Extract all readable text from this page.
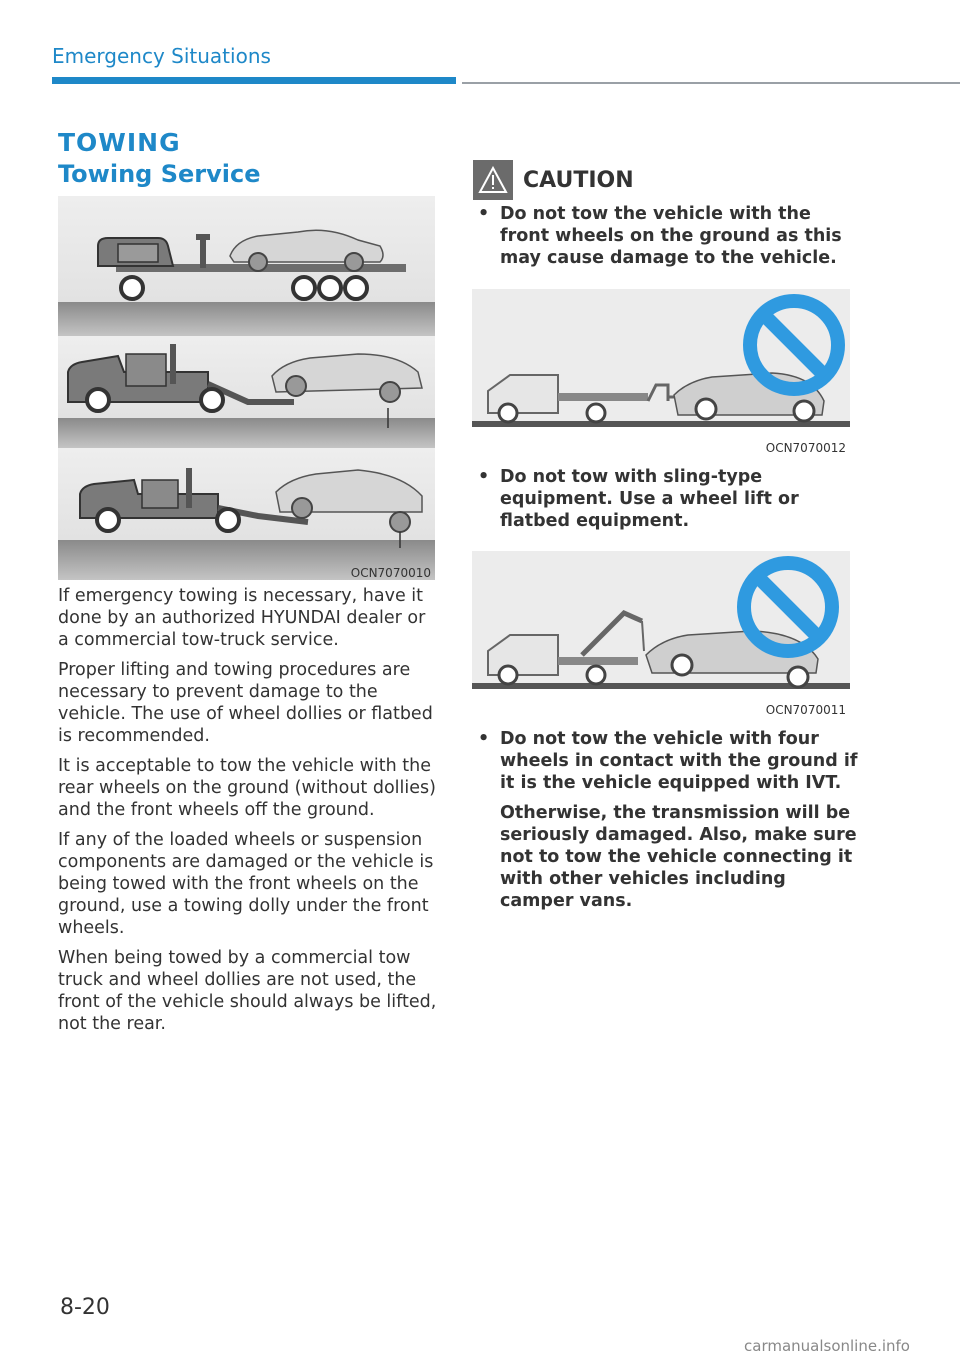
Emergency Situations
TOWING
Towing Service
OCN7070010

If emergency towing is necessary, have it done by an authorized HYUNDAI dealer or a commercial tow-truck service.

Proper lifting and towing procedures are necessary to prevent damage to the vehicle. The use of wheel dollies or flatbed is recommended.

It is acceptable to tow the vehicle with the rear wheels on the ground (without dollies) and the front wheels off the ground.

If any of the loaded wheels or suspension components are damaged or the vehicle is being towed with the front wheels on the ground, use a towing dolly under the front wheels.

When being towed by a commercial tow truck and wheel dollies are not used, the front of the vehicle should always be lifted, not the rear.

CAUTION
• Do not tow the vehicle with the front wheels on the ground as this may cause damage to the vehicle.

OCN7070012
• Do not tow with sling-type equipment. Use a wheel lift or flatbed equipment.

OCN7070011
• Do not tow the vehicle with four wheels in contact with the ground if it is the vehicle equipped with IVT.

Otherwise, the transmission will be seriously damaged. Also, make sure not to tow the vehicle connecting it with other vehicles including camper vans.

8-20
carmanualsonline.info
